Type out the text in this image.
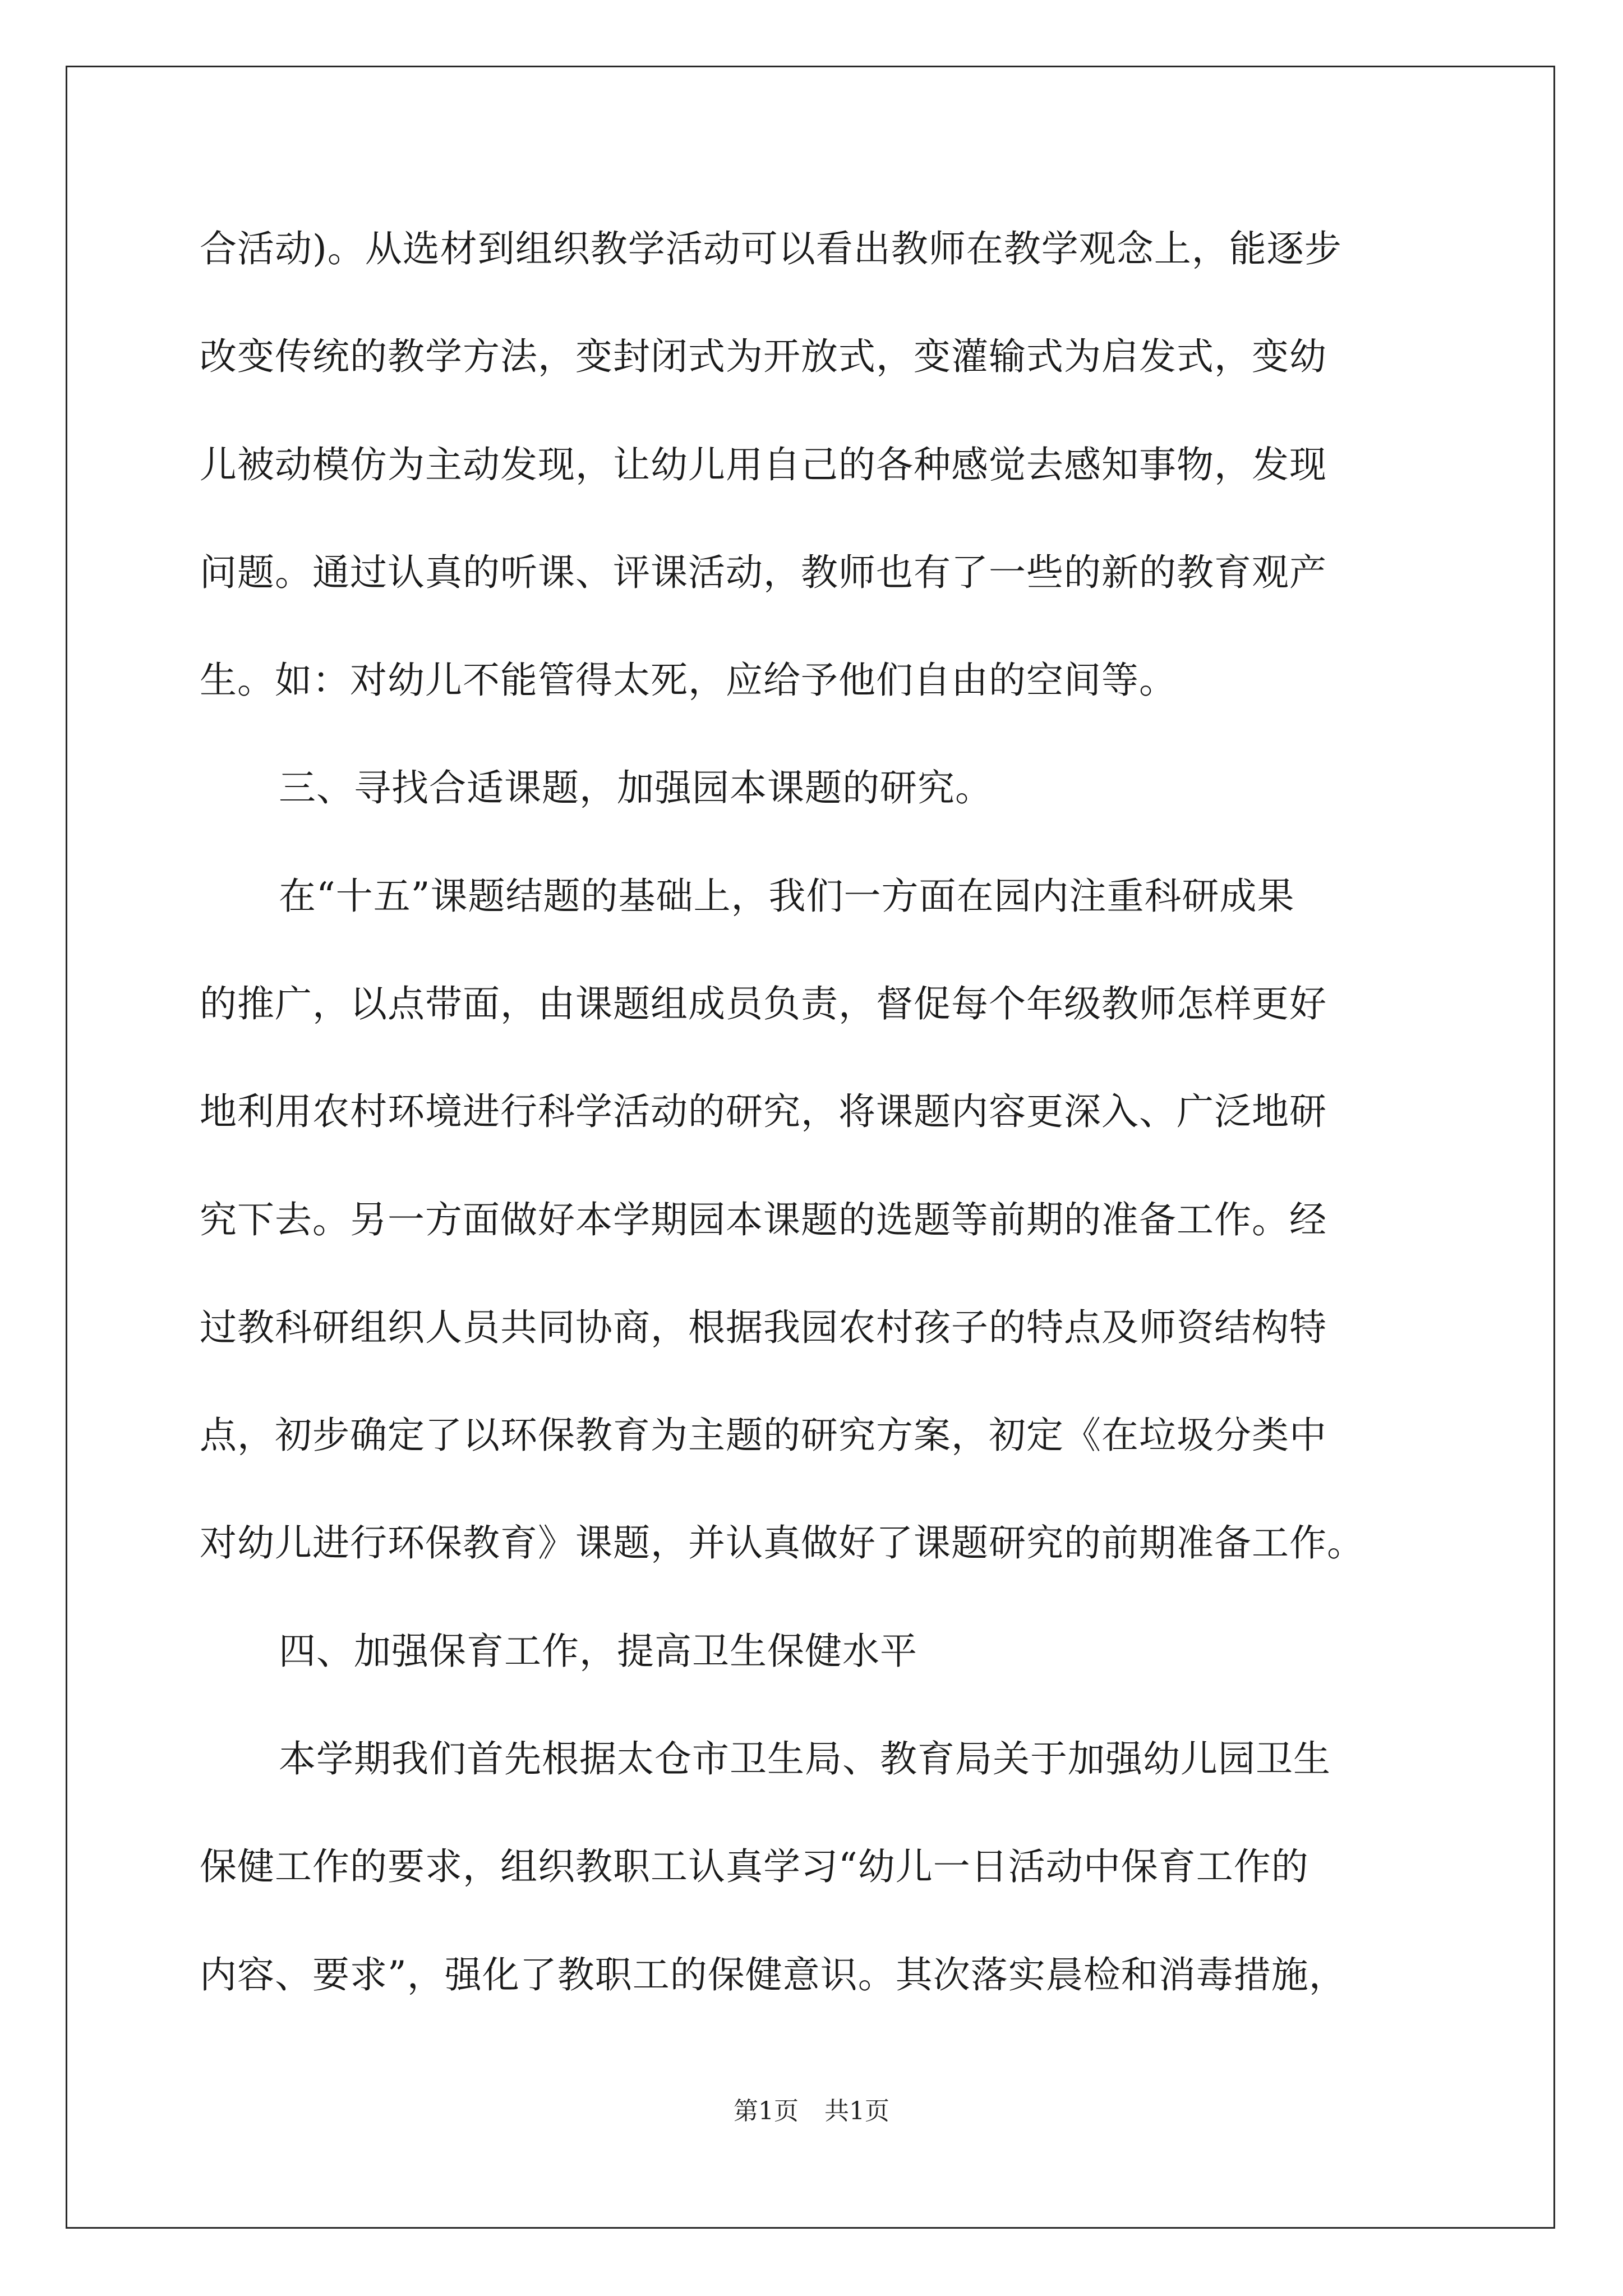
合活动)。从选材到组织教学活动可以看出教师在教学观念上，能逐步
改变传统的教学方法，变封闭式为开放式，变灌输式为启发式，变幼
儿被动模仿为主动发现，让幼儿用自己的各种感觉去感知事物，发现
问题。通过认真的听课、评课活动，教师也有了一些的新的教育观产
生。如：对幼儿不能管得太死，应给予他们自由的空间等。
三、寻找合适课题，加强园本课题的研究。
在“十五”课题结题的基础上，我们一方面在园内注重科研成果
的推广，以点带面，由课题组成员负责，督促每个年级教师怎样更好
地利用农村环境进行科学活动的研究，将课题内容更深入、广泛地研
究下去。另一方面做好本学期园本课题的选题等前期的准备工作。经
过教科研组织人员共同协商，根据我园农村孩子的特点及师资结构特
点，初步确定了以环保教育为主题的研究方案，初定《在垃圾分类中
对幼儿进行环保教育》课题，并认真做好了课题研究的前期准备工作。
四、加强保育工作，提高卫生保健水平
本学期我们首先根据太仓市卫生局、教育局关于加强幼儿园卫生
保健工作的要求，组织教职工认真学习“幼儿一日活动中保育工作的
内容、要求”，强化了教职工的保健意识。其次落实晨检和消毒措施，
第1页 共1页
